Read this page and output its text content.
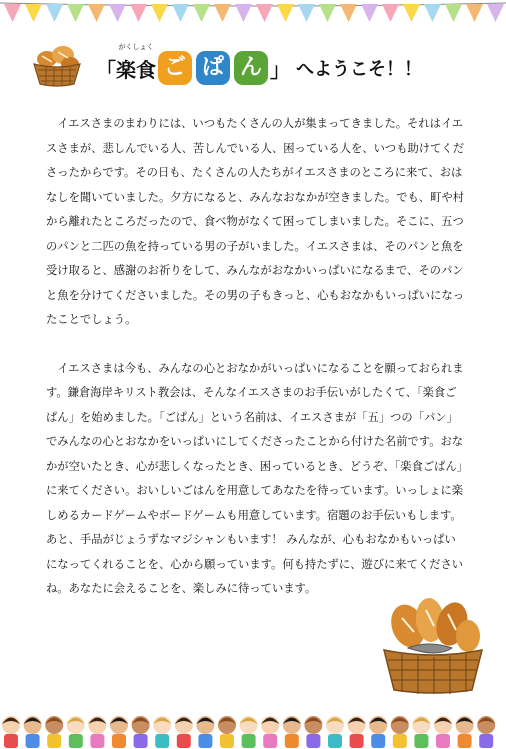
「
がくしょく
楽食 ご ぱ ん 」 へようこそ！！

イエスさまのまわりには、いつもたくさんの人が集まってきました。それはイエスさまが、悲しんでいる人、苦しんでいる人、困っている人を、いつも助けてくださったからです。その日も、たくさんの人たちがイエスさまのところに来て、おはなしを聞いていました。夕方になると、みんなおなかが空きました。でも、町や村から離れたところだったので、食べ物がなくて困ってしまいました。そこに、五つのパンと二匹の魚を持っている男の子がいました。イエスさまは、そのパンと魚を受け取ると、感謝のお祈りをして、みんながおなかいっぱいになるまで、そのパンと魚を分けてくださいました。その男の子もきっと、心もおなかもいっぱいになったことでしょう。

イエスさまは今も、みんなの心とおなかがいっぱいになることを願っておられます。鎌倉海岸キリスト教会は、そんなイエスさまのお手伝いがしたくて、「楽食ごぱん」を始めました。「ごぱん」という名前は、イエスさまが「五」つの「パン」でみんなの心とおなかをいっぱいにしてくださったことから付けた名前です。おなかが空いたとき、心が悲しくなったとき、困っているとき、どうぞ、「楽食ごぱん」に来てください。おいしいごはんを用意してあなたを待っています。いっしょに楽しめるカードゲームやボードゲームも用意しています。宿題のお手伝いもします。あと、手品がじょうずなマジシャンもいます！ みんなが、心もおなかもいっぱいになってくれることを、心から願っています。何も持たずに、遊びに来てくださいね。あなたに会えることを、楽しみに待っています。
